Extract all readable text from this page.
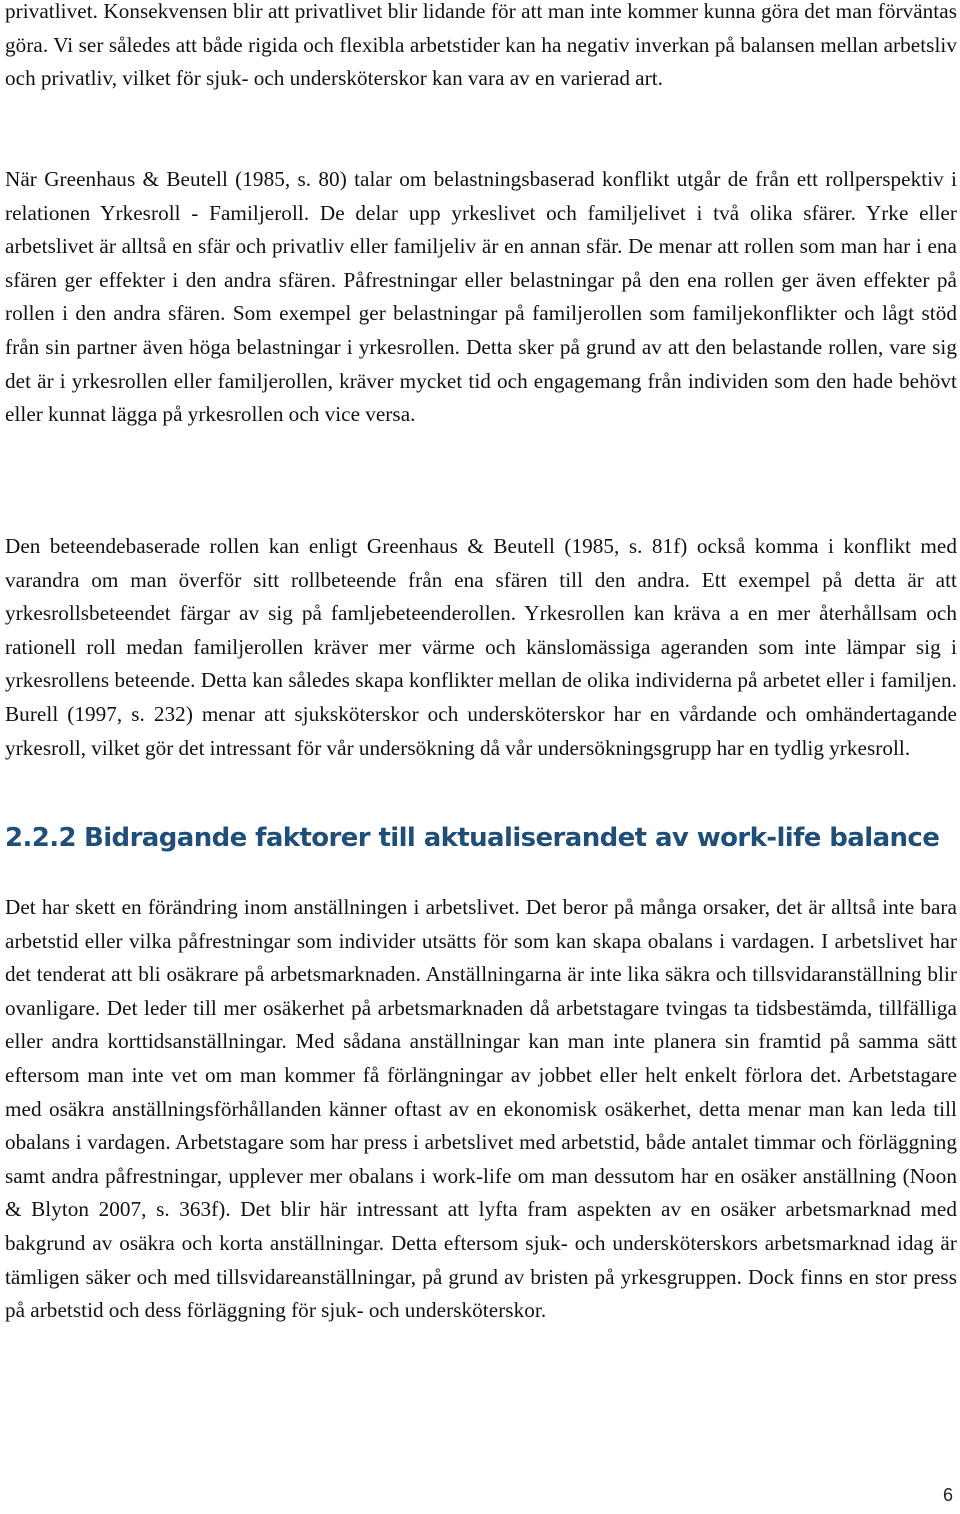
privatlivet. Konsekvensen blir att privatlivet blir lidande för att man inte kommer kunna göra det man förväntas göra. Vi ser således att både rigida och flexibla arbetstider kan ha negativ inverkan på balansen mellan arbetsliv och privatliv, vilket för sjuk- och undersköterskor kan vara av en varierad art.

När Greenhaus & Beutell (1985, s. 80) talar om belastningsbaserad konflikt utgår de från ett rollperspektiv i relationen Yrkesroll - Familjeroll. De delar upp yrkeslivet och familjelivet i två olika sfärer. Yrke eller arbetslivet är alltså en sfär och privatliv eller familjeliv är en annan sfär. De menar att rollen som man har i ena sfären ger effekter i den andra sfären. Påfrestningar eller belastningar på den ena rollen ger även effekter på rollen i den andra sfären. Som exempel ger belastningar på familjerollen som familjekonflikter och lågt stöd från sin partner även höga belastningar i yrkesrollen. Detta sker på grund av att den belastande rollen, vare sig det är i yrkesrollen eller familjerollen, kräver mycket tid och engagemang från individen som den hade behövt eller kunnat lägga på yrkesrollen och vice versa.

Den beteendebaserade rollen kan enligt Greenhaus & Beutell (1985, s. 81f) också komma i konflikt med varandra om man överför sitt rollbeteende från ena sfären till den andra. Ett exempel på detta är att yrkesrollsbeteendet färgar av sig på famljebeteenderollen. Yrkesrollen kan kräva a en mer återhållsam och rationell roll medan familjerollen kräver mer värme och känslomässiga ageranden som inte lämpar sig i yrkesrollens beteende. Detta kan således skapa konflikter mellan de olika individerna på arbetet eller i familjen. Burell (1997, s. 232) menar att sjuksköterskor och undersköterskor har en vårdande och omhändertagande yrkesroll, vilket gör det intressant för vår undersökning då vår undersökningsgrupp har en tydlig yrkesroll.

2.2.2 Bidragande faktorer till aktualiserandet av work-life balance

Det har skett en förändring inom anställningen i arbetslivet. Det beror på många orsaker, det är alltså inte bara arbetstid eller vilka påfrestningar som individer utsätts för som kan skapa obalans i vardagen. I arbetslivet har det tenderat att bli osäkrare på arbetsmarknaden. Anställningarna är inte lika säkra och tillsvidaranställning blir ovanligare. Det leder till mer osäkerhet på arbetsmarknaden då arbetstagare tvingas ta tidsbestämda, tillfälliga eller andra korttidsanställningar. Med sådana anställningar kan man inte planera sin framtid på samma sätt eftersom man inte vet om man kommer få förlängningar av jobbet eller helt enkelt förlora det. Arbetstagare med osäkra anställningsförhållanden känner oftast av en ekonomisk osäkerhet, detta menar man kan leda till obalans i vardagen. Arbetstagare som har press i arbetslivet med arbetstid, både antalet timmar och förläggning samt andra påfrestningar, upplever mer obalans i work-life om man dessutom har en osäker anställning (Noon & Blyton 2007, s. 363f). Det blir här intressant att lyfta fram aspekten av en osäker arbetsmarknad med bakgrund av osäkra och korta anställningar. Detta eftersom sjuk- och undersköterskors arbetsmarknad idag är tämligen säker och med tillsvidareanställningar, på grund av bristen på yrkesgruppen. Dock finns en stor press på arbetstid och dess förläggning för sjuk- och undersköterskor.

6
